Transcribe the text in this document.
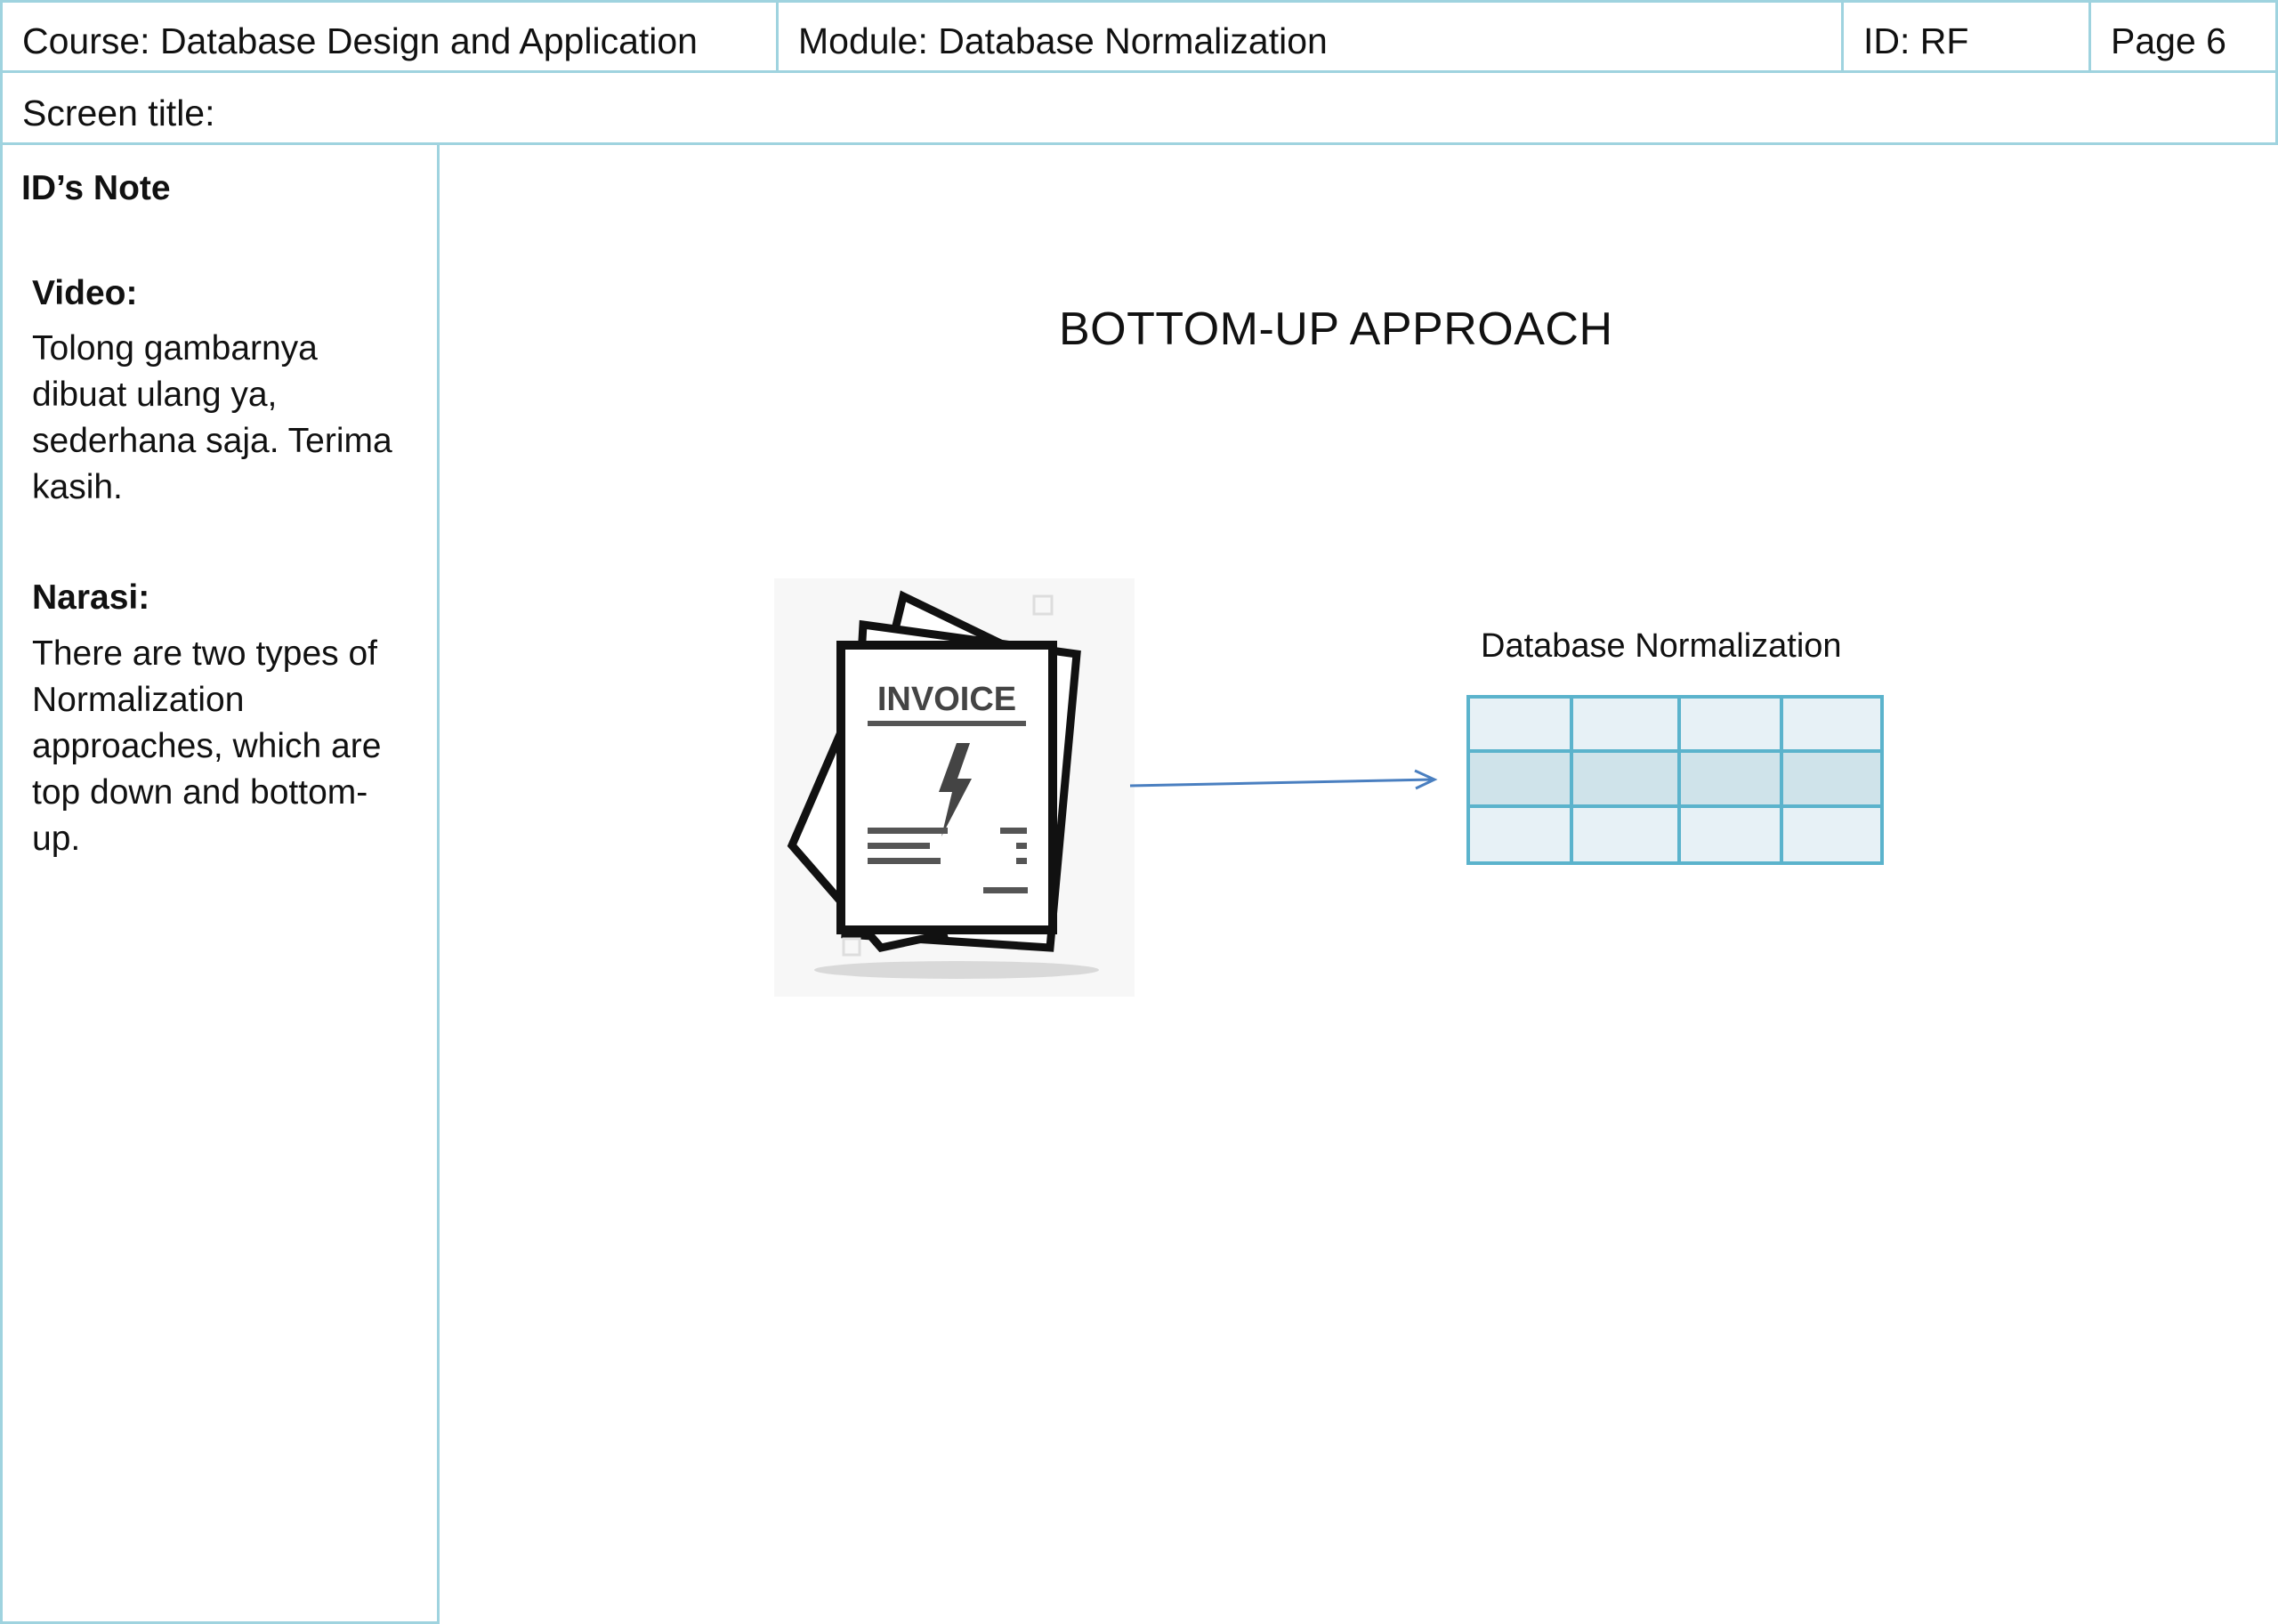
Course: Database Design and Application	Module: Database Normalization	ID: RF	Page 6
Screen title:
ID’s Note
Video:
Tolong gambarnya dibuat ulang ya, sederhana saja. Terima kasih.
Narasi:
There are two types of Normalization approaches, which are top down and bottom-up.
BOTTOM-UP APPROACH
INVOICE
Database Normalization
